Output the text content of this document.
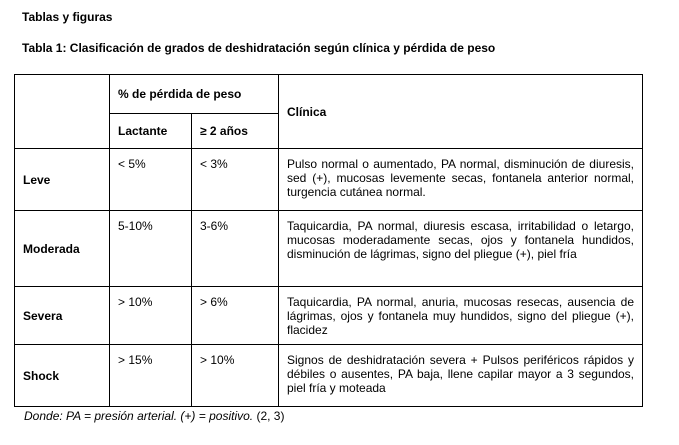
Tablas y figuras
Tabla 1: Clasificación de grados de deshidratación según clínica y pérdida de peso
	% de pérdida de peso		Clínica
	Lactante	≥ 2 años	
Leve	< 5%	< 3%	Pulso normal o aumentado, PA normal, disminución de diuresis, sed (+), mucosas levemente secas, fontanela anterior normal, turgencia cutánea normal.
Moderada	5-10%	3-6%	Taquicardia, PA normal, diuresis escasa, irritabilidad o letargo, mucosas moderadamente secas, ojos y fontanela hundidos, disminución de lágrimas, signo del pliegue (+), piel fría
Severa	> 10%	> 6%	Taquicardia, PA normal, anuria, mucosas resecas, ausencia de lágrimas, ojos y fontanela muy hundidos, signo del pliegue (+), flacidez
Shock	> 15%	> 10%	Signos de deshidratación severa + Pulsos periféricos rápidos y débiles o ausentes, PA baja, llene capilar mayor a 3 segundos, piel fría y moteada
Donde: PA = presión arterial. (+) = positivo. (2, 3)
